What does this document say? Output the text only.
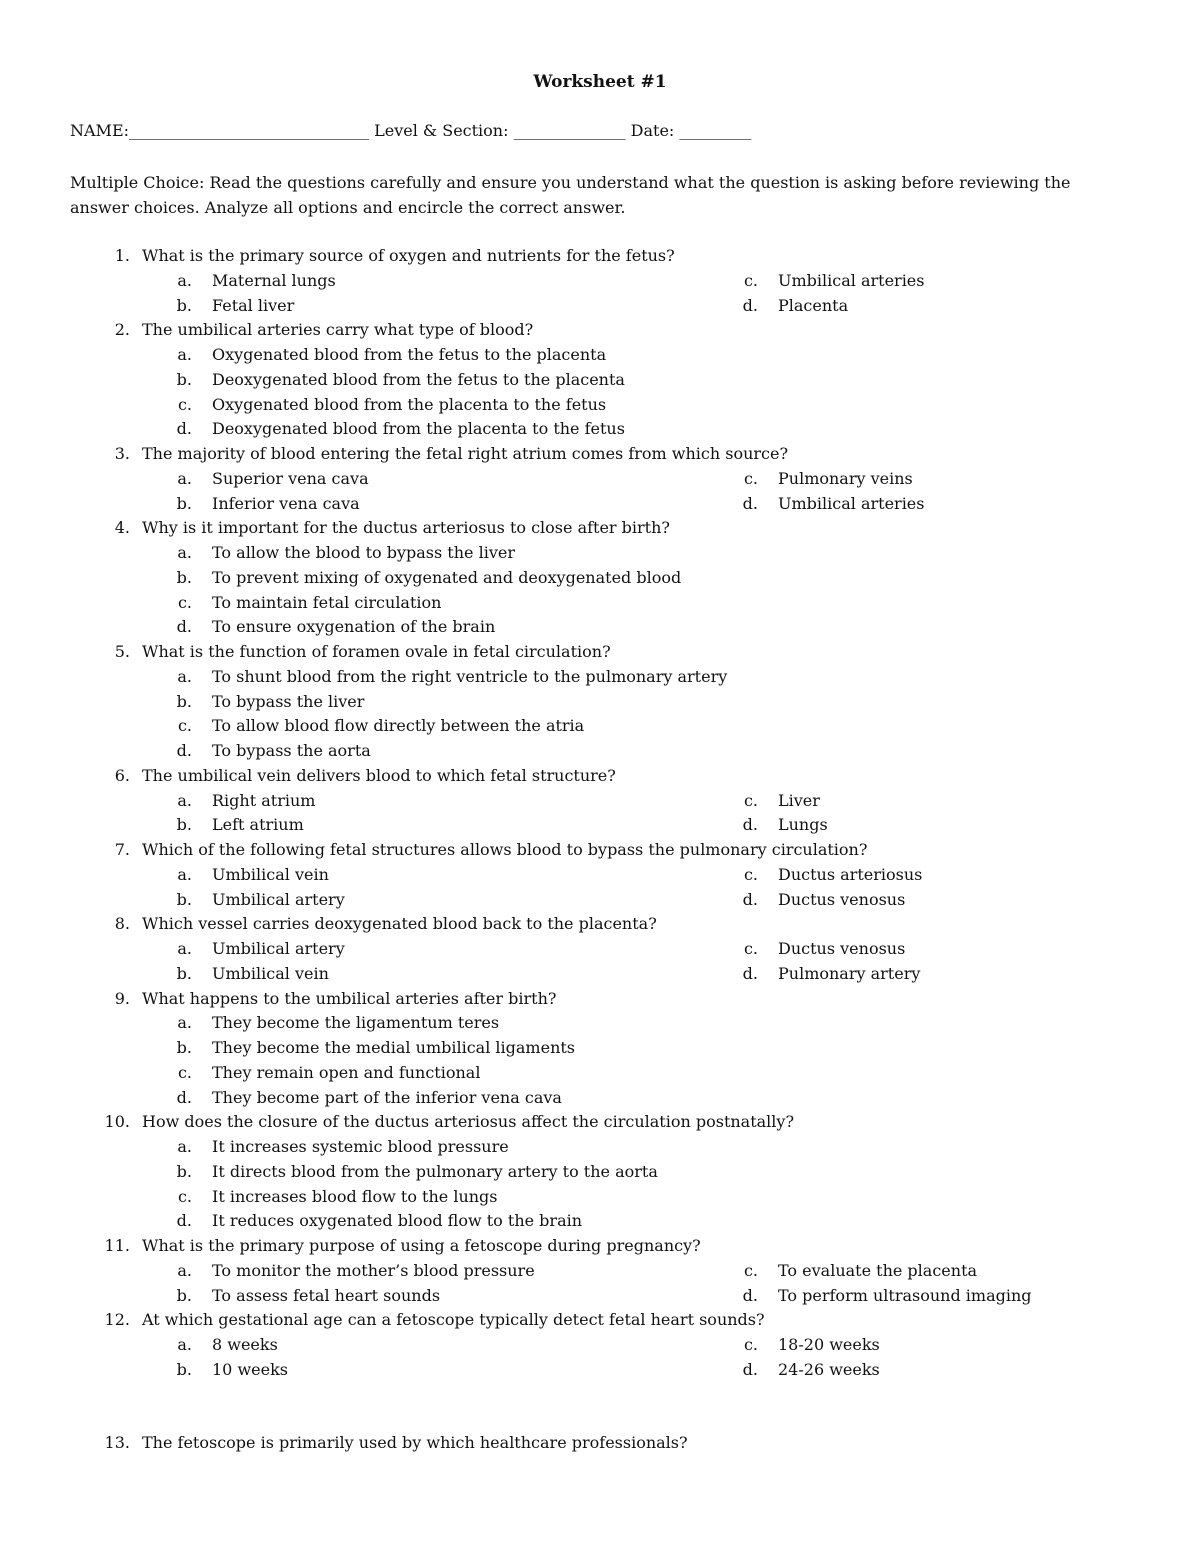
Worksheet #1
NAME:______________________________ Level & Section: ______________ Date: _________
Multiple Choice: Read the questions carefully and ensure you understand what the question is asking before reviewing the answer choices. Analyze all options and encircle the correct answer.
1. What is the primary source of oxygen and nutrients for the fetus?
a. Maternal lungs	c. Umbilical arteries
b. Fetal liver	d. Placenta
2. The umbilical arteries carry what type of blood?
a. Oxygenated blood from the fetus to the placenta
b. Deoxygenated blood from the fetus to the placenta
c. Oxygenated blood from the placenta to the fetus
d. Deoxygenated blood from the placenta to the fetus
3. The majority of blood entering the fetal right atrium comes from which source?
a. Superior vena cava	c. Pulmonary veins
b. Inferior vena cava	d. Umbilical arteries
4. Why is it important for the ductus arteriosus to close after birth?
a. To allow the blood to bypass the liver
b. To prevent mixing of oxygenated and deoxygenated blood
c. To maintain fetal circulation
d. To ensure oxygenation of the brain
5. What is the function of foramen ovale in fetal circulation?
a. To shunt blood from the right ventricle to the pulmonary artery
b. To bypass the liver
c. To allow blood flow directly between the atria
d. To bypass the aorta
6. The umbilical vein delivers blood to which fetal structure?
a. Right atrium	c. Liver
b. Left atrium	d. Lungs
7. Which of the following fetal structures allows blood to bypass the pulmonary circulation?
a. Umbilical vein	c. Ductus arteriosus
b. Umbilical artery	d. Ductus venosus
8. Which vessel carries deoxygenated blood back to the placenta?
a. Umbilical artery	c. Ductus venosus
b. Umbilical vein	d. Pulmonary artery
9. What happens to the umbilical arteries after birth?
a. They become the ligamentum teres
b. They become the medial umbilical ligaments
c. They remain open and functional
d. They become part of the inferior vena cava
10. How does the closure of the ductus arteriosus affect the circulation postnatally?
a. It increases systemic blood pressure
b. It directs blood from the pulmonary artery to the aorta
c. It increases blood flow to the lungs
d. It reduces oxygenated blood flow to the brain
11. What is the primary purpose of using a fetoscope during pregnancy?
a. To monitor the mother’s blood pressure	c. To evaluate the placenta
b. To assess fetal heart sounds	d. To perform ultrasound imaging
12. At which gestational age can a fetoscope typically detect fetal heart sounds?
a. 8 weeks	c. 18-20 weeks
b. 10 weeks	d. 24-26 weeks
13. The fetoscope is primarily used by which healthcare professionals?
